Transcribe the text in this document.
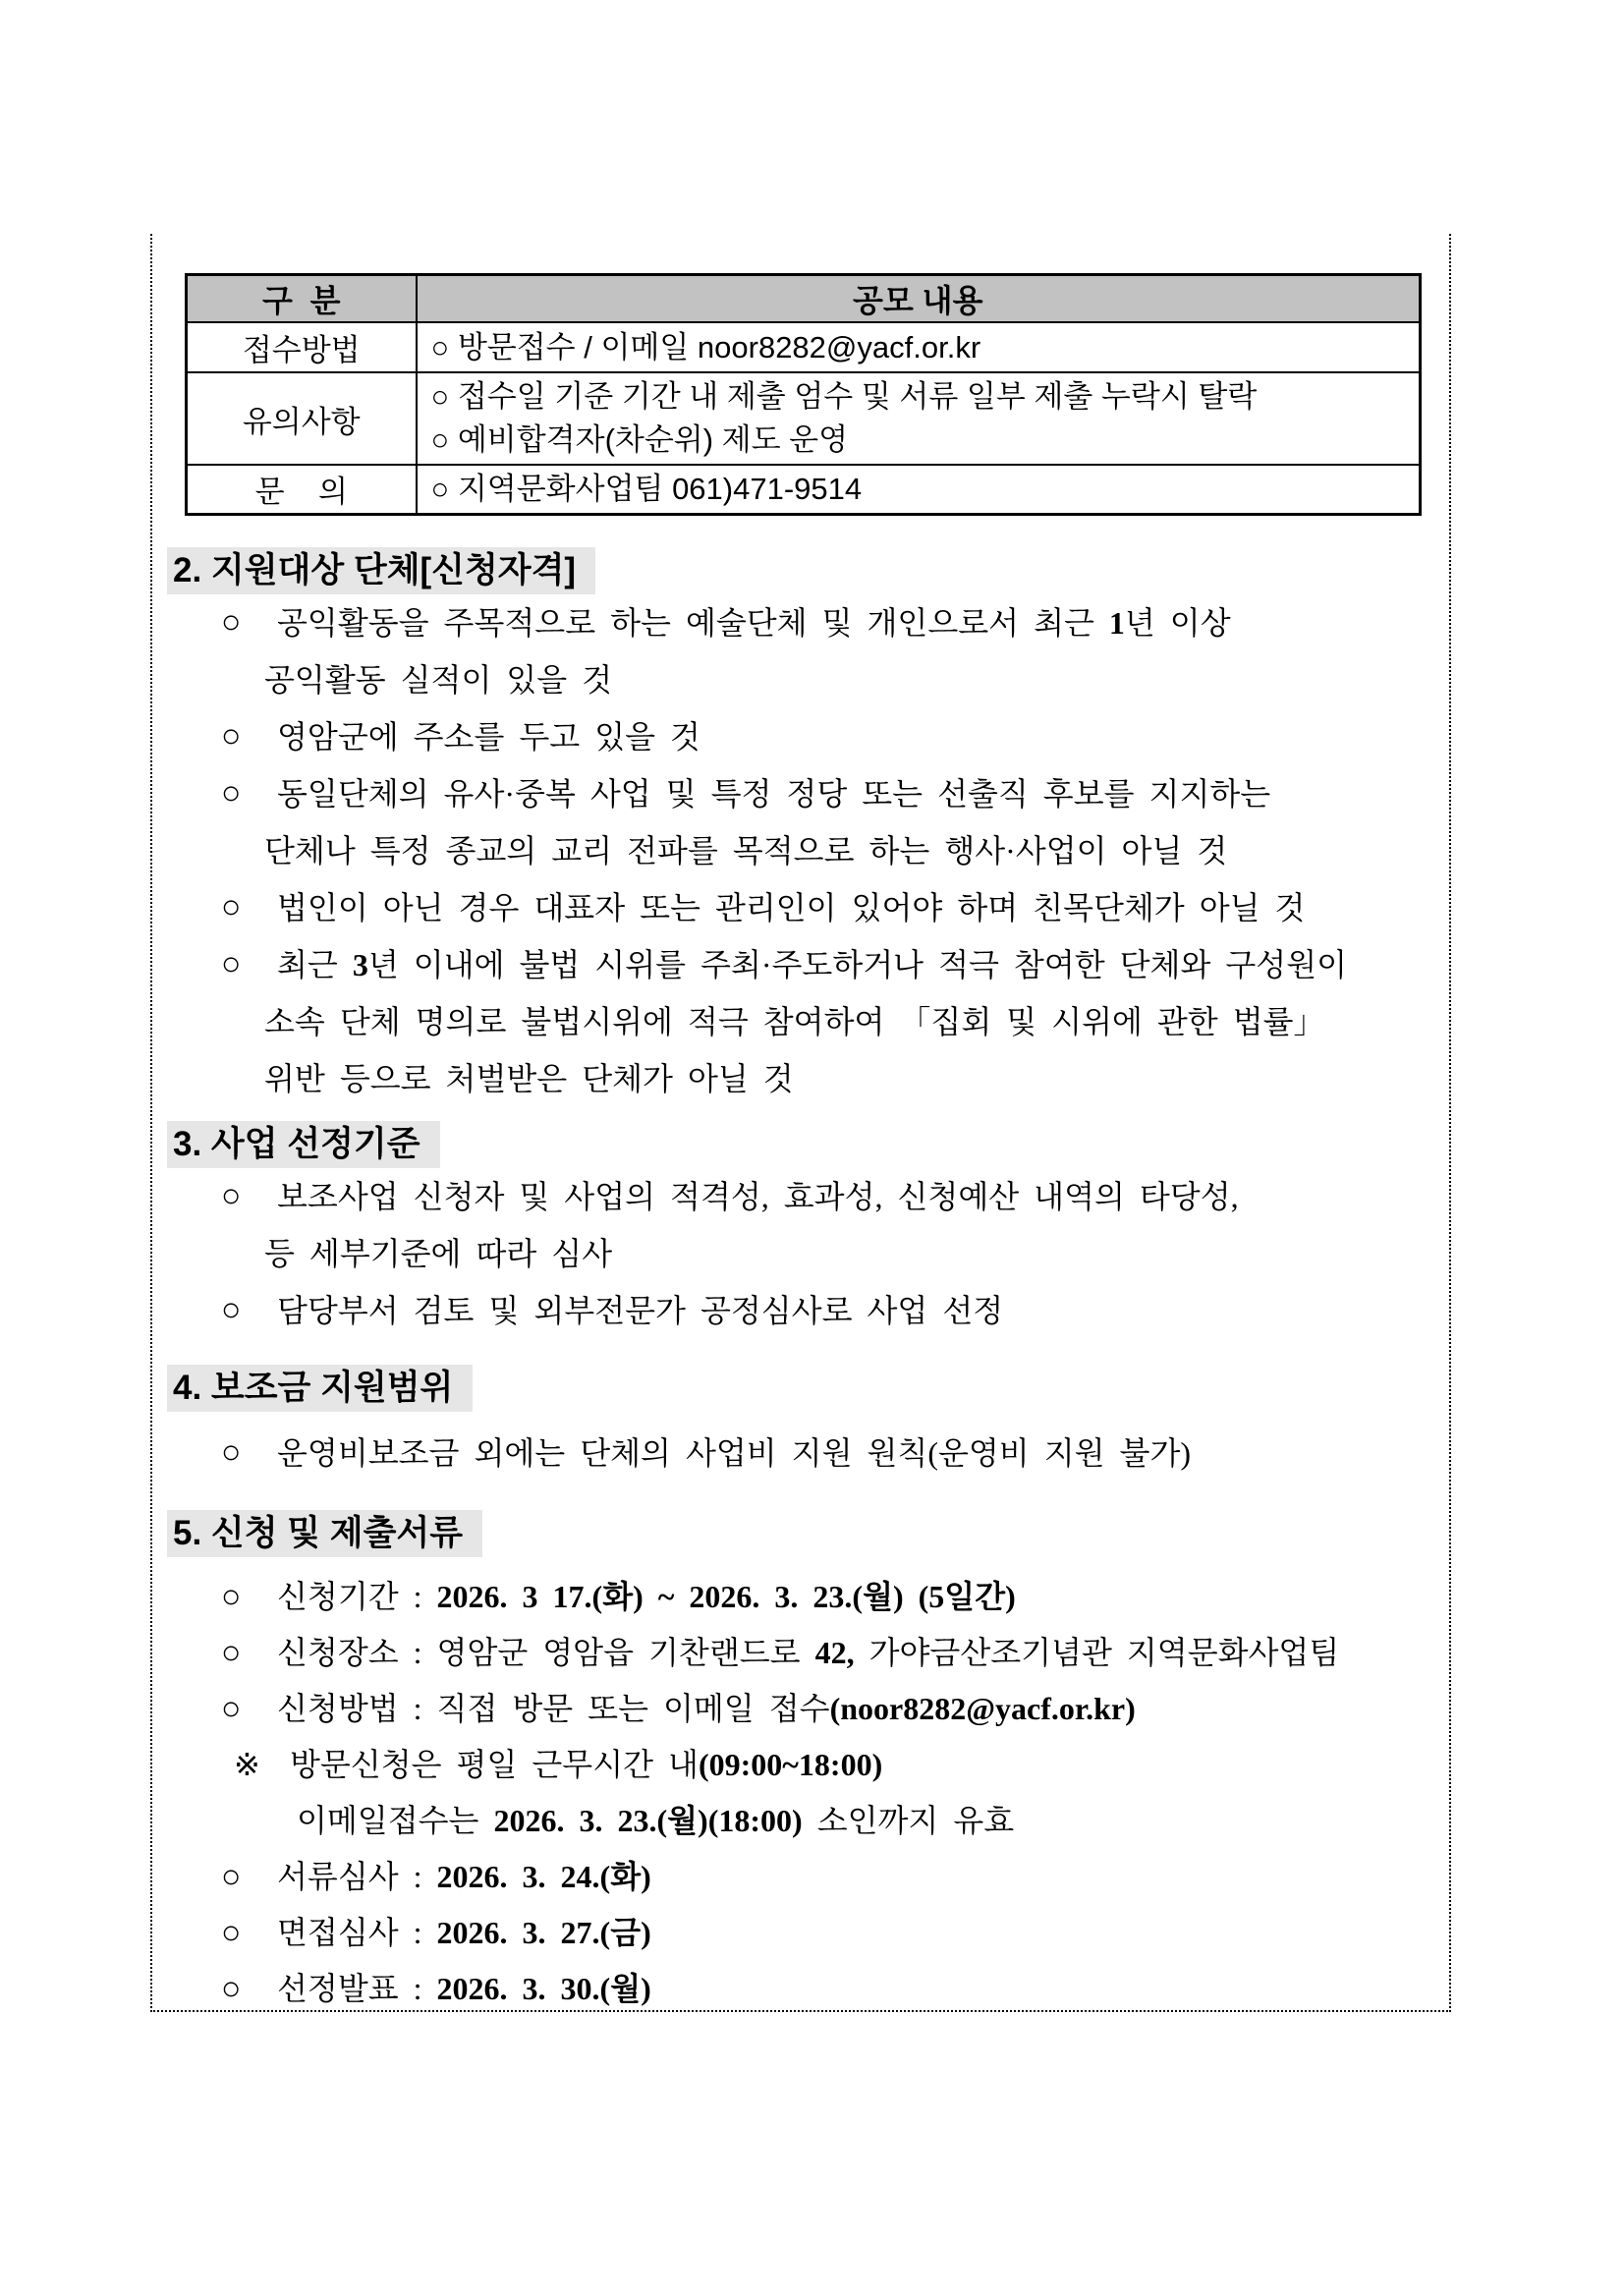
구  분	공모 내용
접수방법	○ 방문접수 / 이메일 noor8282@yacf.or.kr

유의사항	○ 접수일 기준 기간 내 제출 엄수 및 서류 일부 제출 누락시 탈락
○ 예비합격자(차순위) 제도 운영

문    의	○ 지역문화사업팀 061)471-9514
2. 지원대상 단체[신청자격]
○ 공익활동을 주목적으로 하는 예술단체 및 개인으로서 최근 1년 이상
공익활동 실적이 있을 것
○ 영암군에 주소를 두고 있을 것
○ 동일단체의 유사·중복 사업 및 특정 정당 또는 선출직 후보를 지지하는
단체나 특정 종교의 교리 전파를 목적으로 하는 행사·사업이 아닐 것
○ 법인이 아닌 경우 대표자 또는 관리인이 있어야 하며 친목단체가 아닐 것
○ 최근 3년 이내에 불법 시위를 주최·주도하거나 적극 참여한 단체와 구성원이
소속 단체 명의로 불법시위에 적극 참여하여 「집회 및 시위에 관한 법률」
위반 등으로 처벌받은 단체가 아닐 것
3. 사업 선정기준
○ 보조사업 신청자 및 사업의 적격성, 효과성, 신청예산 내역의 타당성,
등 세부기준에 따라 심사
○ 담당부서 검토 및 외부전문가 공정심사로 사업 선정
4. 보조금 지원범위
○ 운영비보조금 외에는 단체의 사업비 지원 원칙(운영비 지원 불가)
5. 신청 및 제출서류
○ 신청기간 : 2026. 3 17.(화) ~ 2026. 3. 23.(월) (5일간)
○ 신청장소 : 영암군 영암읍 기찬랜드로 42, 가야금산조기념관 지역문화사업팀
○ 신청방법 : 직접 방문 또는 이메일 접수(noor8282@yacf.or.kr)
※ 방문신청은 평일 근무시간 내(09:00~18:00)
이메일접수는 2026. 3. 23.(월)(18:00) 소인까지 유효
○ 서류심사 : 2026. 3. 24.(화)
○ 면접심사 : 2026. 3. 27.(금)
○ 선정발표 : 2026. 3. 30.(월)
